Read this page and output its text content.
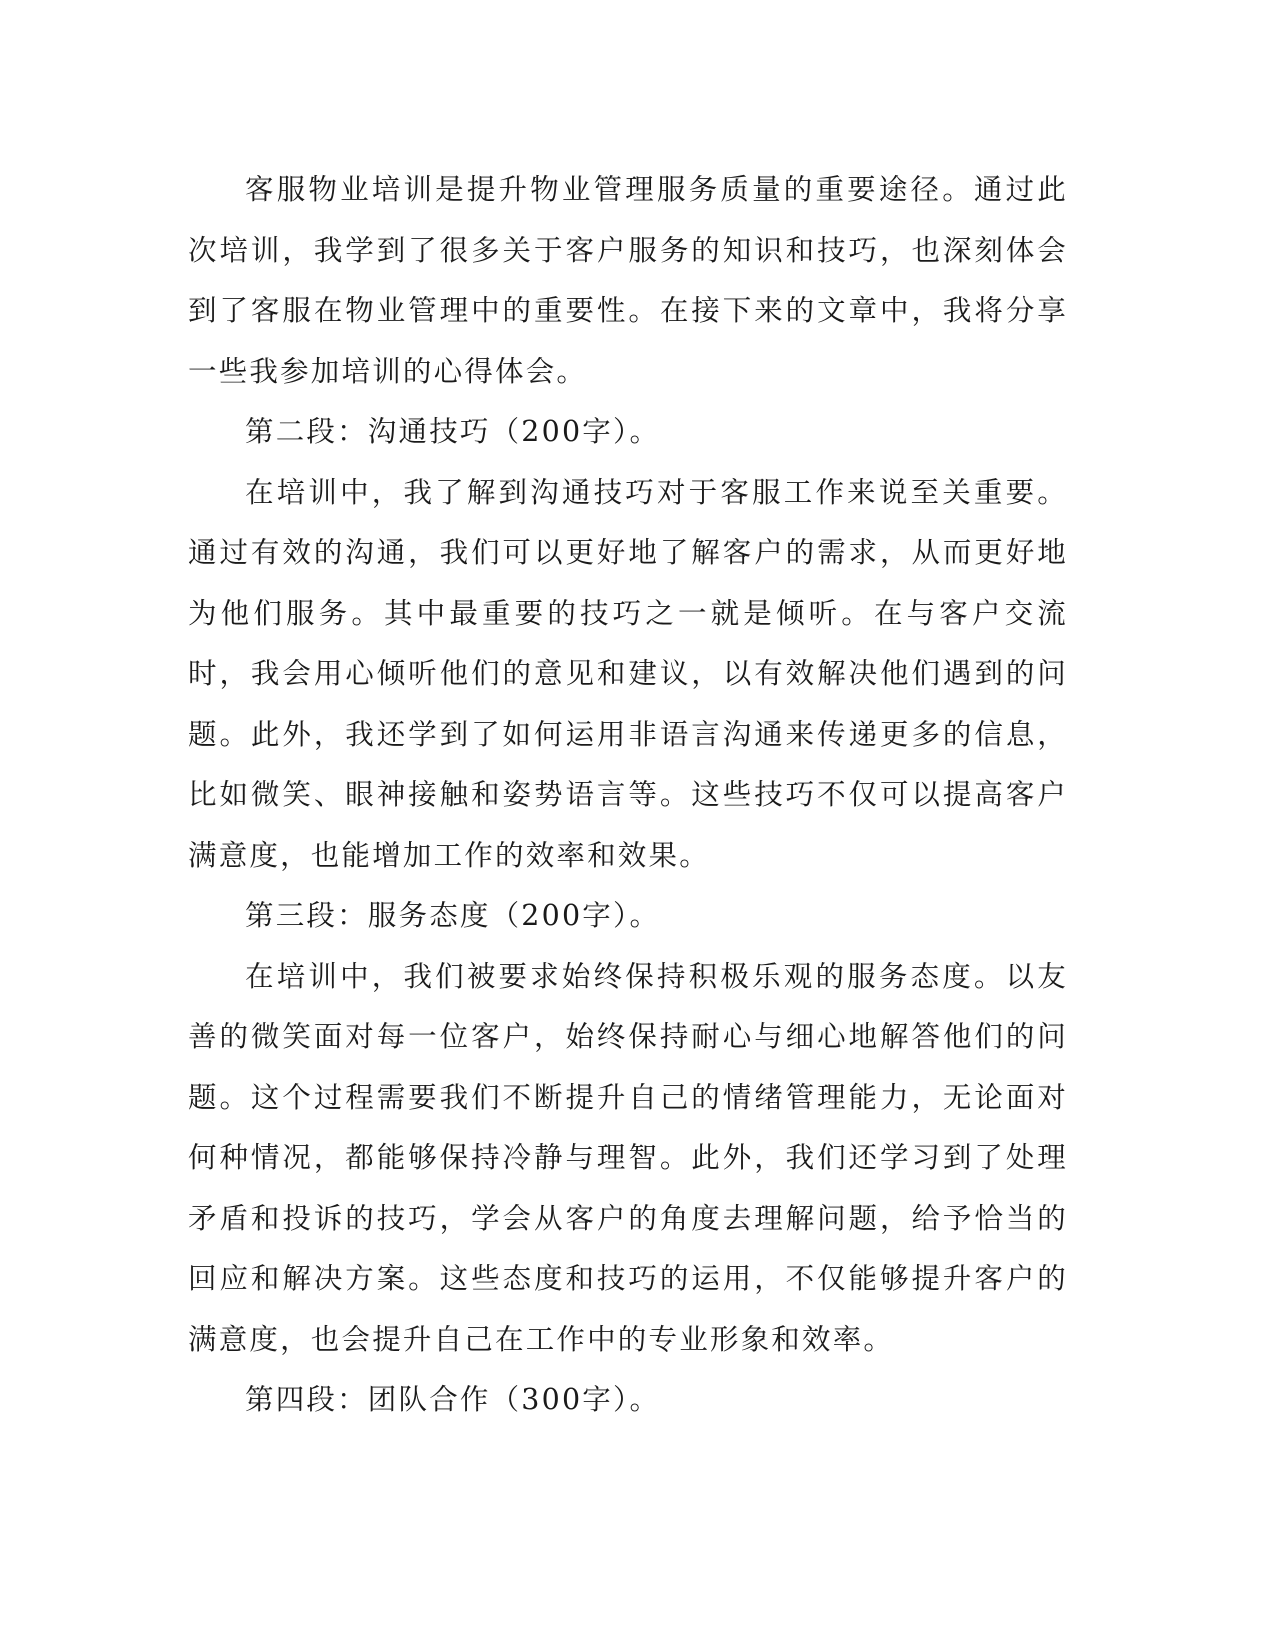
客服物业培训是提升物业管理服务质量的重要途径。通过此次培训，我学到了很多关于客户服务的知识和技巧，也深刻体会到了客服在物业管理中的重要性。在接下来的文章中，我将分享一些我参加培训的心得体会。

第二段：沟通技巧（200字）。

在培训中，我了解到沟通技巧对于客服工作来说至关重要。通过有效的沟通，我们可以更好地了解客户的需求，从而更好地为他们服务。其中最重要的技巧之一就是倾听。在与客户交流时，我会用心倾听他们的意见和建议，以有效解决他们遇到的问题。此外，我还学到了如何运用非语言沟通来传递更多的信息，比如微笑、眼神接触和姿势语言等。这些技巧不仅可以提高客户满意度，也能增加工作的效率和效果。

第三段：服务态度（200字）。

在培训中，我们被要求始终保持积极乐观的服务态度。以友善的微笑面对每一位客户，始终保持耐心与细心地解答他们的问题。这个过程需要我们不断提升自己的情绪管理能力，无论面对何种情况，都能够保持冷静与理智。此外，我们还学习到了处理矛盾和投诉的技巧，学会从客户的角度去理解问题，给予恰当的回应和解决方案。这些态度和技巧的运用，不仅能够提升客户的满意度，也会提升自己在工作中的专业形象和效率。

第四段：团队合作（300字）。
